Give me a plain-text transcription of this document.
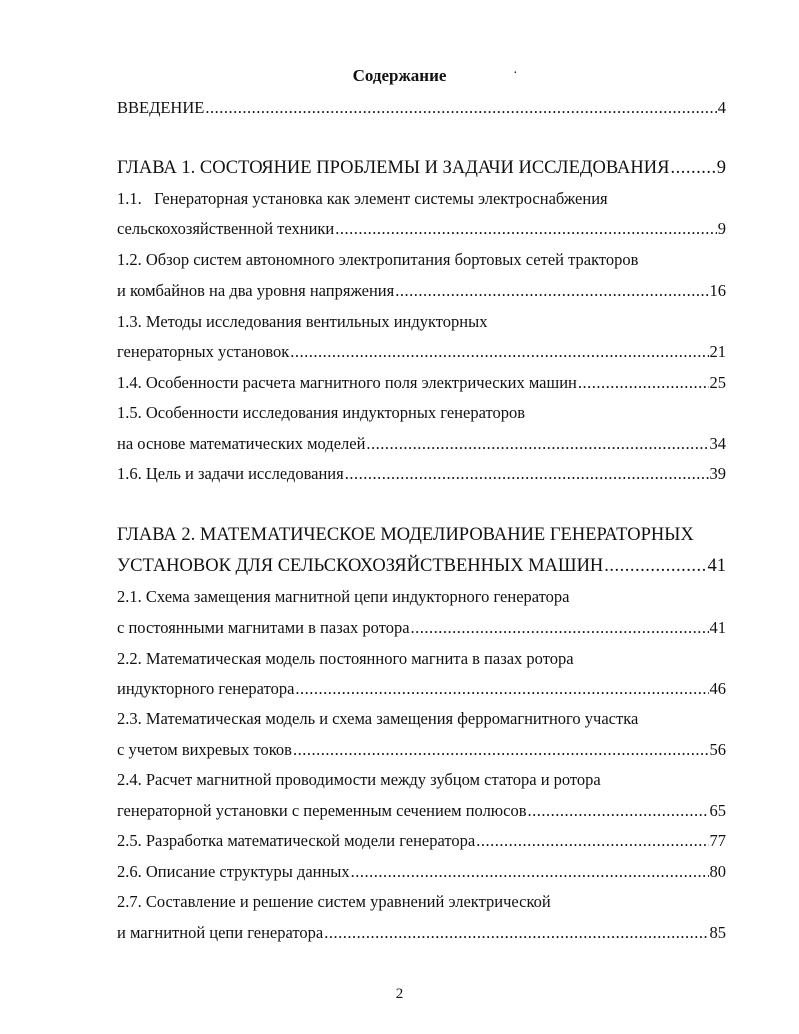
Содержание	·
ВВЕДЕНИЕ .....	4
ГЛАВА 1. СОСТОЯНИЕ ПРОБЛЕМЫ И ЗАДАЧИ ИССЛЕДОВАНИЯ .....	9
1.1.   Генераторная установка как элемент системы электроснабжения
сельскохозяйственной техники .....	9
1.2. Обзор систем автономного электропитания бортовых сетей тракторов
и комбайнов на два уровня напряжения .....	16
1.3. Методы исследования вентильных индукторных
генераторных установок .....	21
1.4. Особенности расчета магнитного поля электрических машин .....	25
1.5. Особенности исследования индукторных генераторов
на основе математических моделей .....	34
1.6. Цель и задачи исследования .....	39
ГЛАВА 2. МАТЕМАТИЧЕСКОЕ МОДЕЛИРОВАНИЕ ГЕНЕРАТОРНЫХ
УСТАНОВОК ДЛЯ СЕЛЬСКОХОЗЯЙСТВЕННЫХ МАШИН .....	41
2.1. Схема замещения магнитной цепи индукторного генератора
с постоянными магнитами в пазах ротора .....	41
2.2. Математическая модель постоянного магнита в пазах ротора
индукторного генератора .....	46
2.3. Математическая модель и схема замещения ферромагнитного участка
с учетом вихревых токов .....	56
2.4. Расчет магнитной проводимости между зубцом статора и ротора
генераторной установки с переменным сечением полюсов .....	65
2.5. Разработка математической модели генератора .....	77
2.6. Описание структуры данных .....	80
2.7. Составление и решение систем уравнений электрической
и магнитной цепи генератора .....	85
2
